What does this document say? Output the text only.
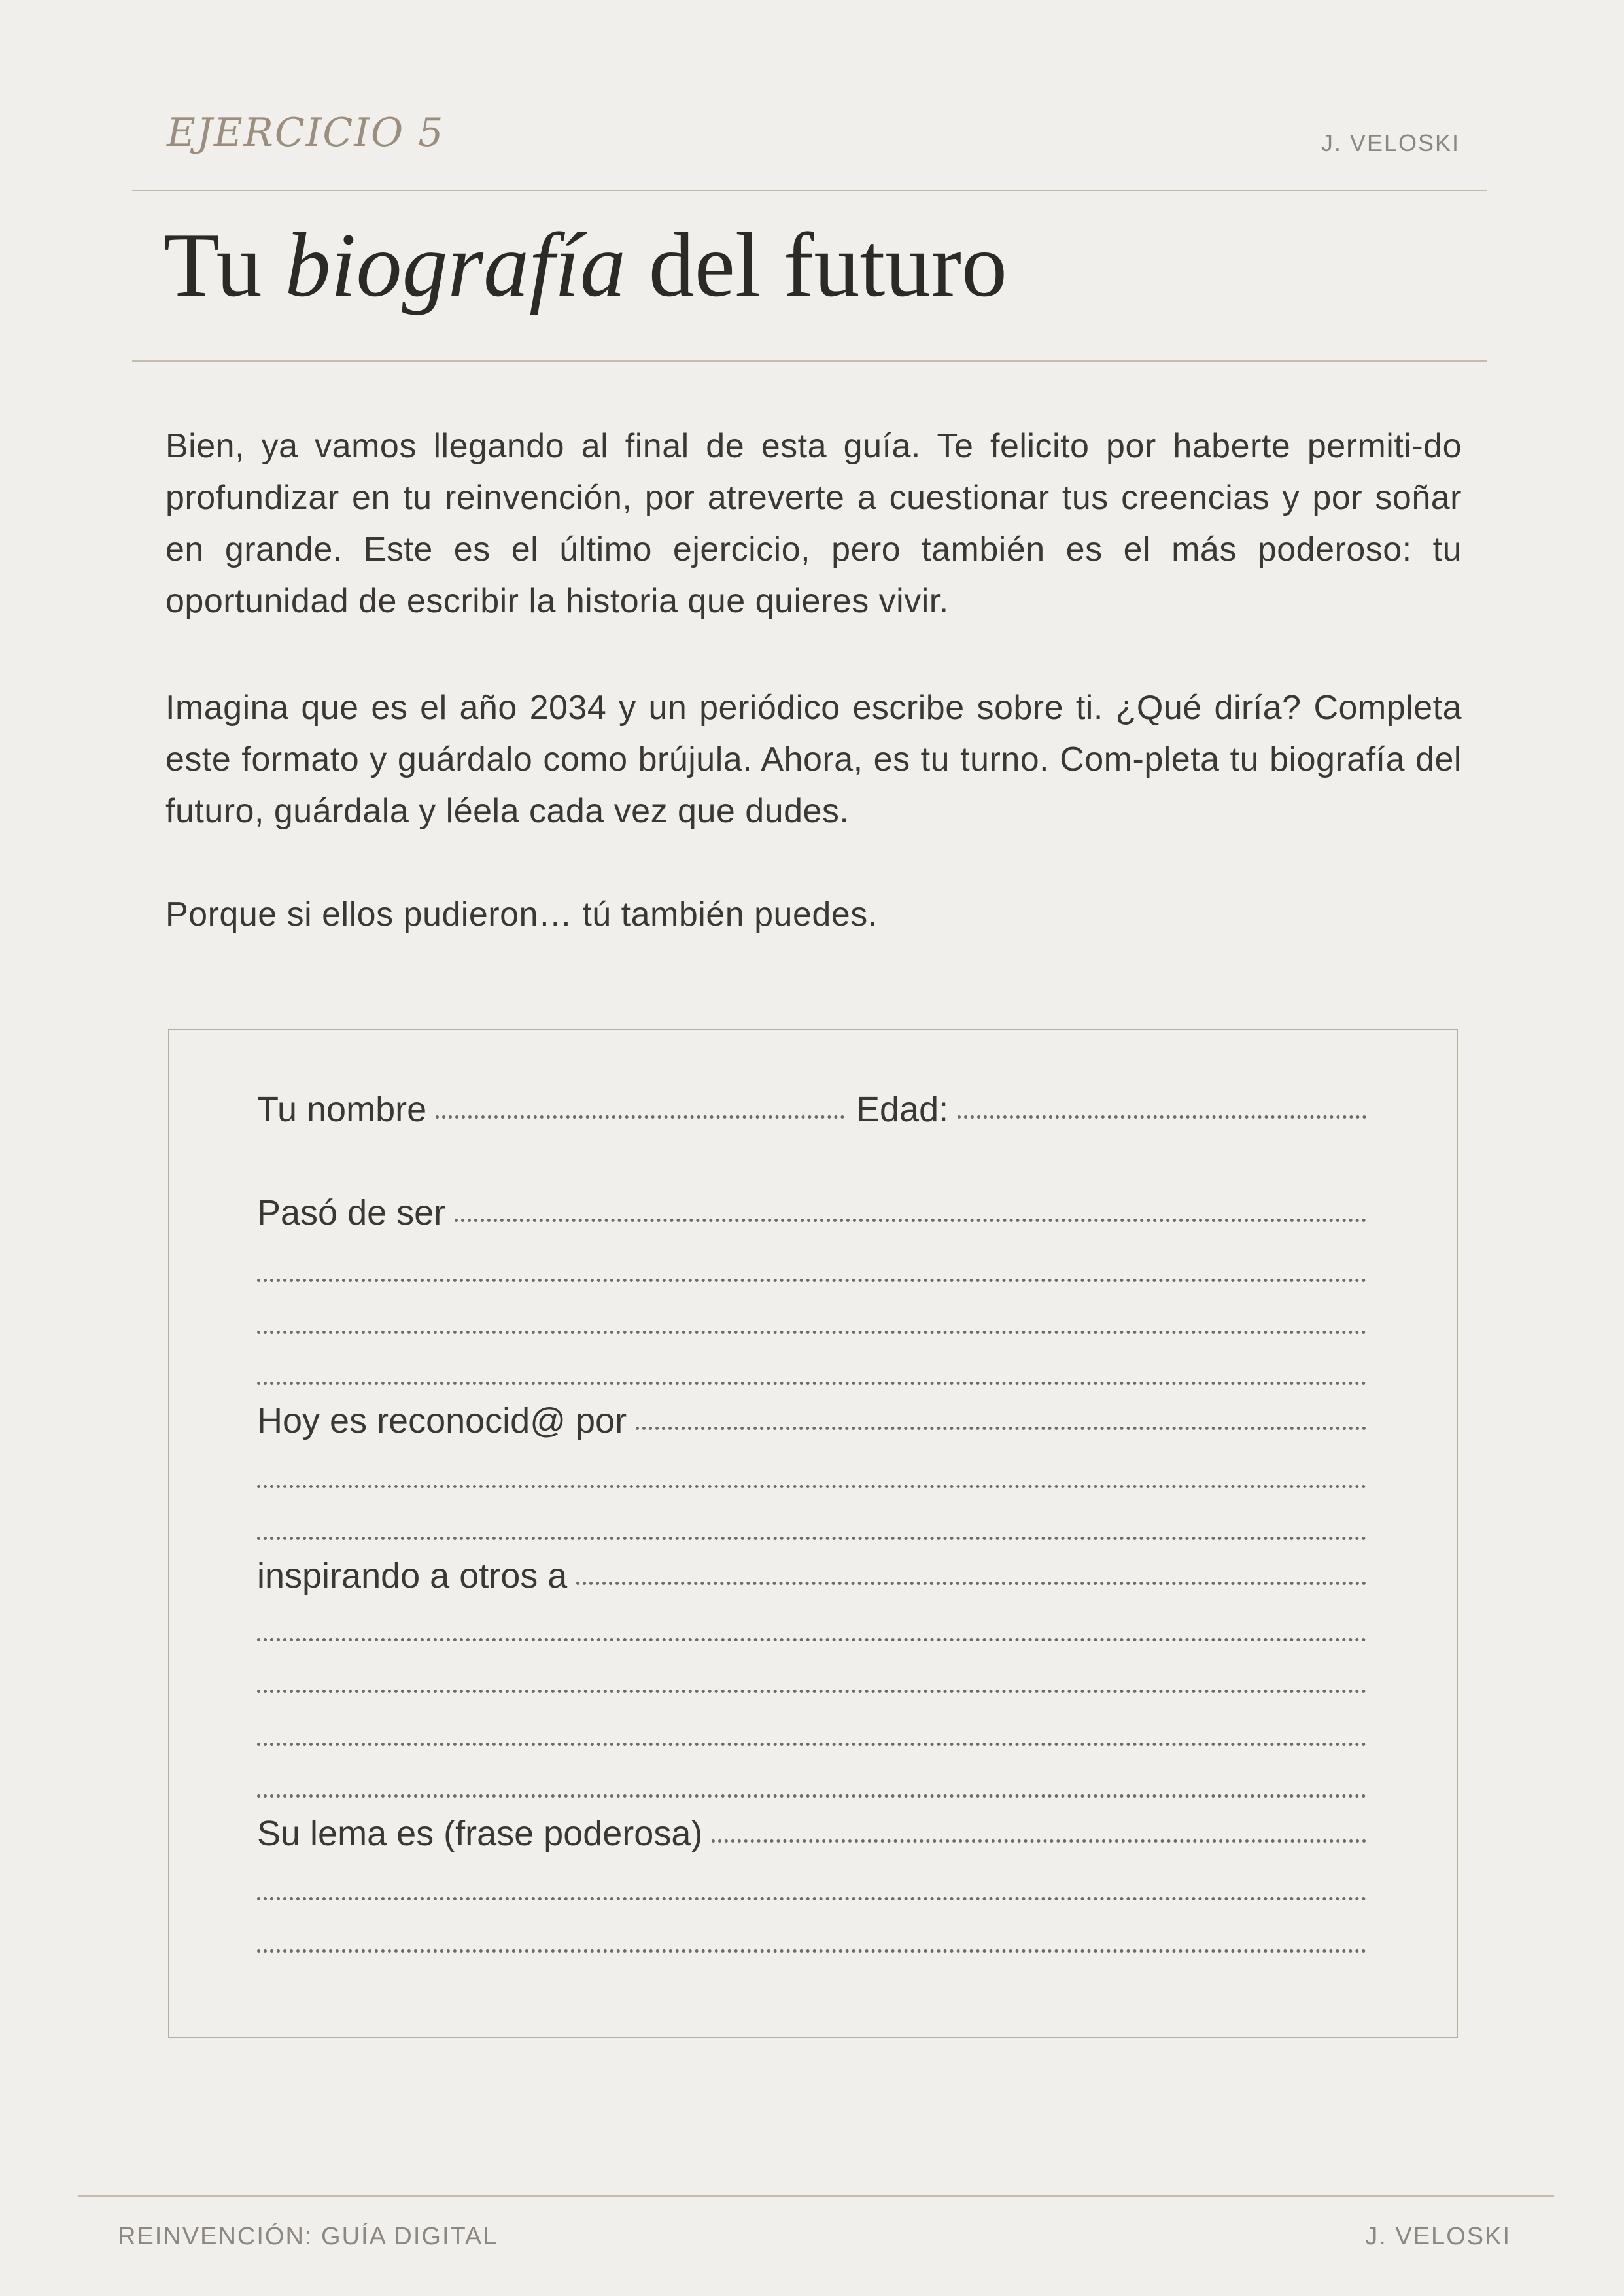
EJERCICIO 5	J. VELOSKI
Tu biografía del futuro
Bien, ya vamos llegando al final de esta guía. Te felicito por haberte permiti-do profundizar en tu reinvención, por atreverte a cuestionar tus creencias y por soñar en grande. Este es el último ejercicio, pero también es el más poderoso: tu oportunidad de escribir la historia que quieres vivir.
Imagina que es el año 2034 y un periódico escribe sobre ti. ¿Qué diría? Completa este formato y guárdalo como brújula. Ahora, es tu turno. Com-pleta tu biografía del futuro, guárdala y léela cada vez que dudes.
Porque si ellos pudieron… tú también puedes.
Tu nombre	Edad:
Pasó de ser
Hoy es reconocid@ por
inspirando a otros a
Su lema es (frase poderosa)
REINVENCIÓN: GUÍA DIGITAL	J. VELOSKI
